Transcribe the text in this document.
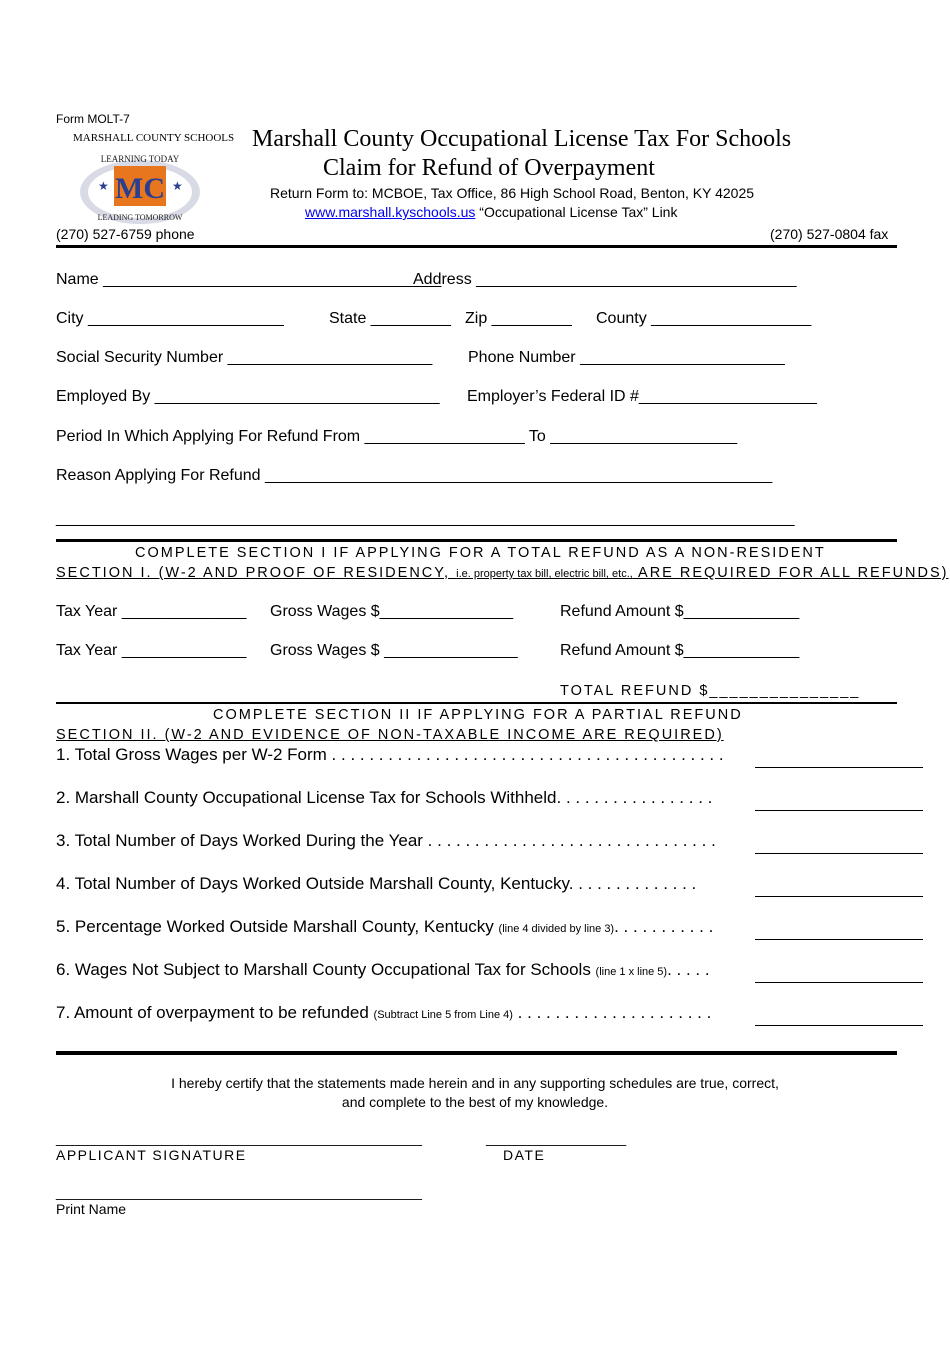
Form MOLT-7
LEARNING TODAY
MC
★	★
LEADING TOMORROW
MARSHALL COUNTY SCHOOLS Marshall County Occupational License Tax For Schools
Claim for Refund of Overpayment
Return Form to: MCBOE, Tax Office, 86 High School Road, Benton, KY 42025
www.marshall.kyschools.us “Occupational License Tax” Link
(270) 527-6759 phone	(270) 527-0804 fax
Name ______________________________________
Address ____________________________________
City ______________________	State _________ Zip _________ County __________________
Social Security Number _______________________ Phone Number _______________________
Employed By ________________________________ Employer’s Federal ID #____________________
Period In Which Applying For Refund From __________________ To _____________________
Reason Applying For Refund _________________________________________________________
___________________________________________________________________________________
COMPLETE SECTION I IF APPLYING FOR A TOTAL REFUND AS A NON-RESIDENT
SECTION I. (W-2 AND PROOF OF RESIDENCY, i.e. property tax bill, electric bill, etc., ARE REQUIRED FOR ALL REFUNDS)
Tax Year ______________ Gross Wages $_______________	Refund Amount $_____________
Tax Year ______________ Gross Wages $ _______________	Refund Amount $_____________
TOTAL REFUND $_______________
COMPLETE SECTION II IF APPLYING FOR A PARTIAL REFUND
SECTION II. (W-2 AND EVIDENCE OF NON-TAXABLE INCOME ARE REQUIRED)
1. Total Gross Wages per W-2 Form . . . . . . . . . . . . . . . . . . . . . . . . . . . . . . . . . . . . . . . . . .
2. Marshall County Occupational License Tax for Schools Withheld. . . . . . . . . . . . . . . . .
3. Total Number of Days Worked During the Year . . . . . . . . . . . . . . . . . . . . . . . . . . . . . . .
4. Total Number of Days Worked Outside Marshall County, Kentucky. . . . . . . . . . . . . .
5. Percentage Worked Outside Marshall County, Kentucky (line 4 divided by line 3). . . . . . . . . . .
6. Wages Not Subject to Marshall County Occupational Tax for Schools (line 1 x line 5). . . . .
7. Amount of overpayment to be refunded (Subtract Line 5 from Line 4) . . . . . . . . . . . . . . . . . . . . .
I hereby certify that the statements made herein and in any supporting schedules are true, correct,
and complete to the best of my knowledge.
_______________________________________________	__________________
APPLICANT SIGNATURE	DATE
_______________________________________________
Print Name
